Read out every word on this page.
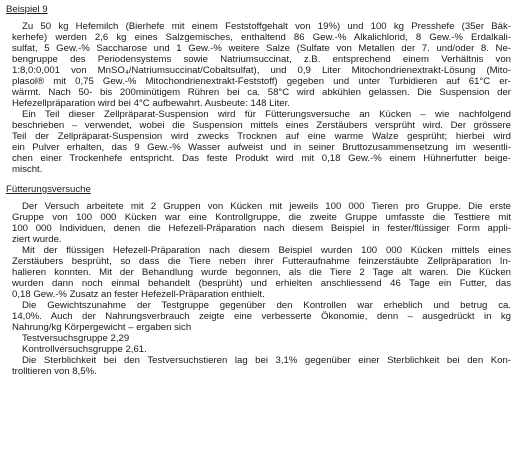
Beispiel 9
Zu 50 kg Hefemilch (Bierhefe mit einem Feststoffgehalt von 19%) und 100 kg Presshefe (35er Bäk-
kerhefe) werden 2,6 kg eines Salzgemisches, enthaltend 86 Gew.-% Alkalichlorid, 8 Gew.-% Erdalkali-
sulfat, 5 Gew.-% Saccharose und 1 Gew.-% weitere Salze (Sulfate von Metallen der 7. und/oder 8. Ne-
bengruppe des Periodensystems sowie Natriumsuccinat, z.B. entsprechend einem Verhältnis von
1:8,0:0,001 von MnSO₄/Natriumsuccinat/Cobaltsulfat), und 0,9 Liter Mitochondrienextrakt-Lösung (Mito-
plasol® mit 0,75 Gew.-% Mitochondrienextrakt-Feststoff) gegeben und unter Turbidieren auf 61°C er-
wärmt. Nach 50- bis 200minütigem Rühren bei ca. 58°C wird abkühlen gelassen. Die Suspension der
Hefezellpräparation wird bei 4°C aufbewahrt. Ausbeute: 148 Liter.
Ein Teil dieser Zellpräparat-Suspension wird für Fütterungsversuche an Kücken – wie nachfolgend
beschrieben – verwendet, wobei die Suspension mittels eines Zerstäubers versprüht wird. Der grössere
Teil der Zellpräparat-Suspension wird zwecks Trocknen auf eine warme Walze gesprüht; hierbei wird
ein Pulver erhalten, das 9 Gew.-% Wasser aufweist und in seiner Bruttozusammensetzung im wesentli-
chen einer Trockenhefe entspricht. Das feste Produkt wird mit 0,18 Gew.-% einem Hühnerfutter beige-
mischt.
Fütterungsversuche
Der Versuch arbeitete mit 2 Gruppen von Kücken mit jeweils 100 000 Tieren pro Gruppe. Die erste
Gruppe von 100 000 Kücken war eine Kontrollgruppe, die zweite Gruppe umfasste die Testtiere mit
100 000 Individuen, denen die Hefezell-Präparation nach diesem Beispiel in fester/flüssiger Form appli-
ziert wurde.
Mit der flüssigen Hefezell-Präparation nach diesem Beispiel wurden 100 000 Kücken mittels eines
Zerstäubers besprüht, so dass die Tiere neben ihrer Futteraufnahme feinzerstäubte Zellpräparation In-
halieren konnten. Mit der Behandlung wurde begonnen, als die Tiere 2 Tage alt waren. Die Kücken
wurden dann noch einmal behandelt (besprüht) und erhielten anschliessend 46 Tage ein Futter, das
0,18 Gew.-% Zusatz an fester Hefezell-Präparation enthielt.
Die Gewichtszunahme der Testgruppe gegenüber den Kontrollen war erheblich und betrug ca.
14,0%. Auch der Nahrungsverbrauch zeigte eine verbesserte Ökonomie, denn – ausgedrückt in kg
Nahrung/kg Körpergewicht – ergaben sich
Testversuchsgruppe 2,29
Kontrollversuchsgruppe 2,61.
Die Sterblichkeit bei den Testversuchstieren lag bei 3,1% gegenüber einer Sterblichkeit bei den Kon-
trolltieren von 8,5%.
